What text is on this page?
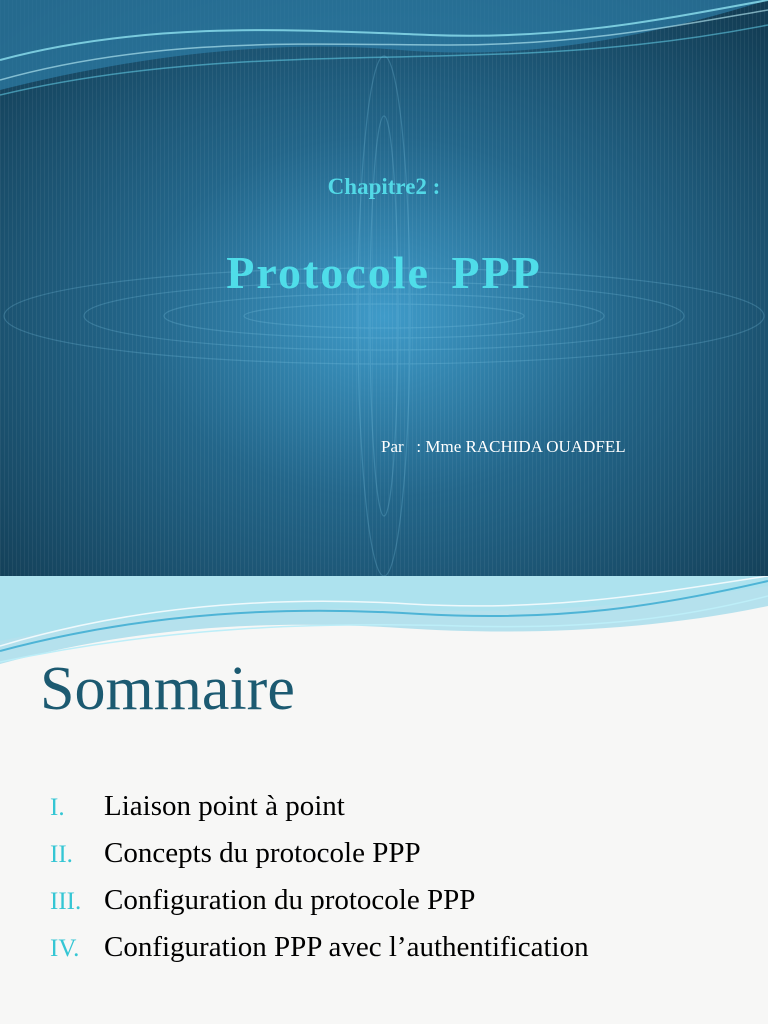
Chapitre2 :
Protocole PPP
Par   : Mme RACHIDA OUADFEL
Sommaire
I. Liaison point à point
II. Concepts du protocole PPP
III. Configuration du protocole PPP
IV. Configuration PPP avec l’authentification
